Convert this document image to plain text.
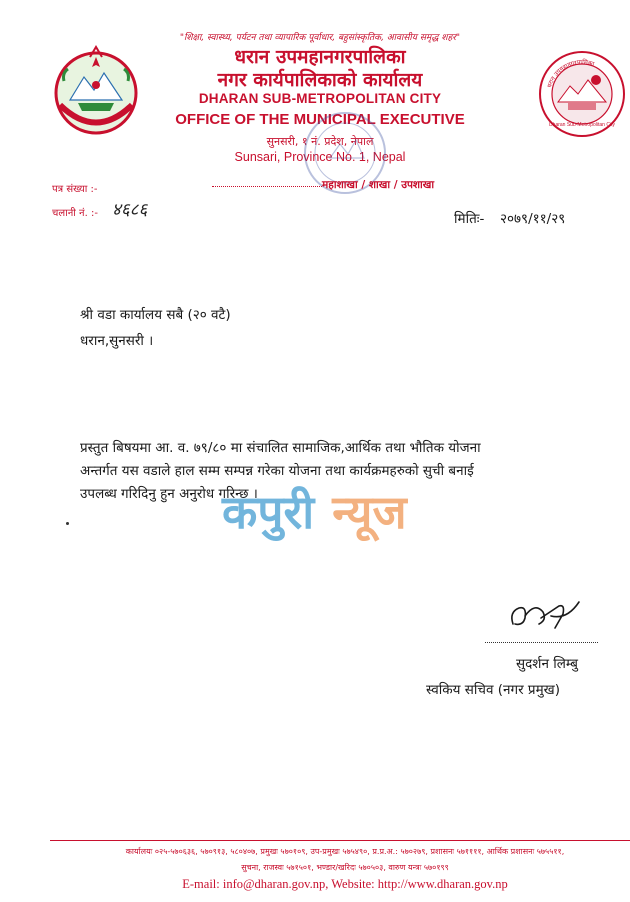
धरान उपमहानगरपालिका
Dharan Sub-Metropolitan City
"शिक्षा, स्वास्थ्य, पर्यटन तथा व्यापारिक पूर्वाधार, बहुसांस्कृतिक, आवासीय समृद्ध शहर"
धरान उपमहानगरपालिका
नगर कार्यपालिकाको कार्यालय
DHARAN SUB-METROPOLITAN CITY
OFFICE OF THE MUNICIPAL EXECUTIVE
सुनसरी, १ नं. प्रदेश, नेपाल
Sunsari, Province No. 1, Nepal
पत्र संख्या :-	महाशाखा / शाखा / उपशाखा
चलानी नं. :- ४६८६	मितिः- २०७९/११/२९
श्री वडा कार्यालय सबै (२० वटै)
धरान,सुनसरी ।
प्रस्तुत बिषयमा आ. व. ७९/८० मा संचालित सामाजिक,आर्थिक तथा भौतिक योजना
अन्तर्गत यस वडाले हाल सम्म सम्पन्न गरेका योजना तथा कार्यक्रमहरुको सुची बनाई
उपलब्ध गरिदिनु हुन अनुरोध गरिन्छ ।
कपुरी न्यूज
सुदर्शन लिम्बु
स्वकिय सचिव (नगर प्रमुख)
कार्यालयः ०२५-५७०६३६, ५७०९१३, ५८०४०७, प्रमुखः ५७०१०९, उप-प्रमुखः ५७५४९०, प्र.प्र.अ.: ५७०२७९, प्रशासनः ५७११११, आर्थिक प्रशासनः ५७५५११,
सुचना, राजस्वः ५७१५०१, भण्डार/खरिदः ५७०५०३, वारुण यन्त्रः ५७०१९९
E-mail: info@dharan.gov.np, Website: http://www.dharan.gov.np
